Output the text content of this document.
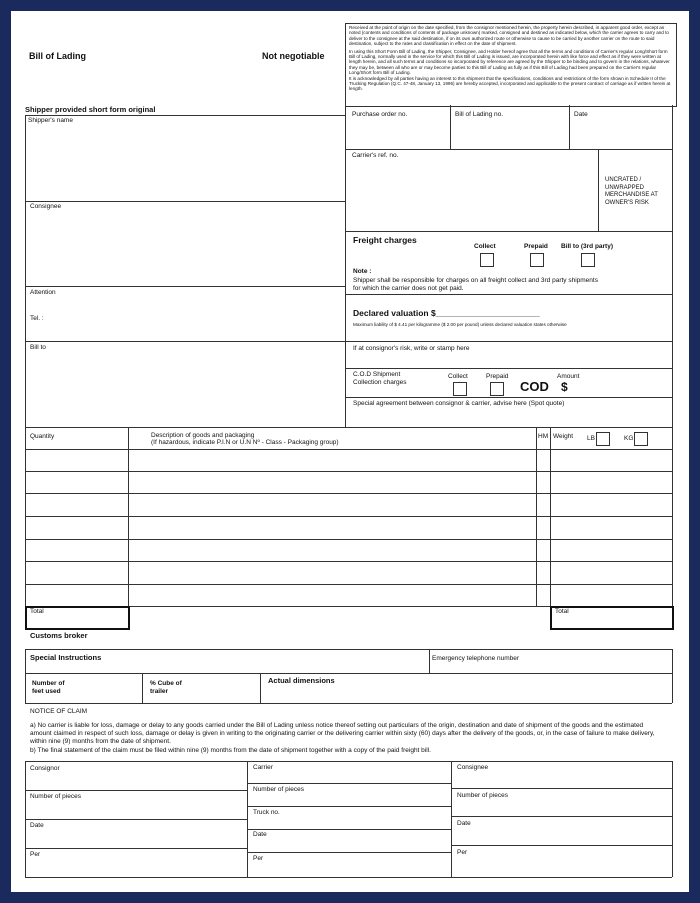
Bill of Lading	Not negotiable
Shipper provided short form original
Received at the point of origin on the date specified, from the consignor mentioned herein, the property herein described, in apparent good order, except as noted (contents and conditions of contents of package unknown) marked, consigned and destined as indicated below, which the carrier agrees to carry and to deliver to the consignee at the said destination, if on its own authorized route or otherwise to cause to be carried by another carrier on the route to said destination, subject to the rates and classification in effect on the date of shipment.
In using this Short Form Bill of Lading, the Shipper, Consignee, and Holder hereof agree that all the terms and conditions of Carrier's regular Long/Short form Bill of Lading, normally used in the service for which this Bill of Lading is issued, are incorporated herein with like force and effect as if they were written at length herein, and all such terms and conditions so incorporated by reference are agreed by the Shipper to be binding and to govern in the relations, whatever they may be, between all who are or may become parties to this Bill of Lading as fully as if this Bill of Lading had been prepared on the Carrier's regular Long/Short form Bill of Lading.
It is acknowledged by all parties having an interest to this shipment that the specifications, conditions and restrictions of the form shown in Schedule II of the Trucking Regulation (Q.C. 47-48, January 13, 1995) are hereby accepted, incorporated and applicable to the present contract of carriage as if written herein at length.
Shipper's name
Consignee
Attention
Tel. :
Bill to
Purchase order no.	Bill of Lading no.	Date
Carrier's ref. no.
UNCRATED /
UNWRAPPED
MERCHANDISE AT
OWNER'S RISK
Freight charges
Collect	Prepaid Bill to (3rd party)
Note :
Shipper shall be responsible for charges on all freight collect and 3rd party shipments for which the carrier does not get paid.
Declared valuation $______________________
Maximum liability of $ 4.41 per kilogramme ($ 2.00 per pound) unless declared valuation states otherwise
If at consignor's risk, write or stamp here
C.O.D Shipment
Collection charges
Collect	Prepaid
COD
Amount
$
Special agreement between consignor & carrier, advise here (Spot quote)
Quantity	Description of goods and packaging
(If hazardous, indicate P.I.N or U.N Nº - Class - Packaging group)
HM Weight LB	KG
Total	Total
Customs broker
Special Instructions	Emergency telephone number
Number of
feet used
% Cube of
trailer
Actual dimensions
NOTICE OF CLAIM
a) No carrier is liable for loss, damage or delay to any goods carried under the Bill of Lading unless notice thereof setting out particulars of the origin, destination and date of shipment of the goods and the estimated amount claimed in respect of such loss, damage or delay is given in writing to the originating carrier or the delivering carrier within sixty (60) days after the delivery of the goods, or, in the case of failure to make delivery, within nine (9) months from the date of shipment.
b) The final statement of the claim must be filed within nine (9) months from the date of shipment together with a copy of the paid freight bill.
Consignor
Number of pieces
Date
Per
Carrier
Number of pieces
Truck no.
Date
Per
Consignee
Number of pieces
Date
Per
